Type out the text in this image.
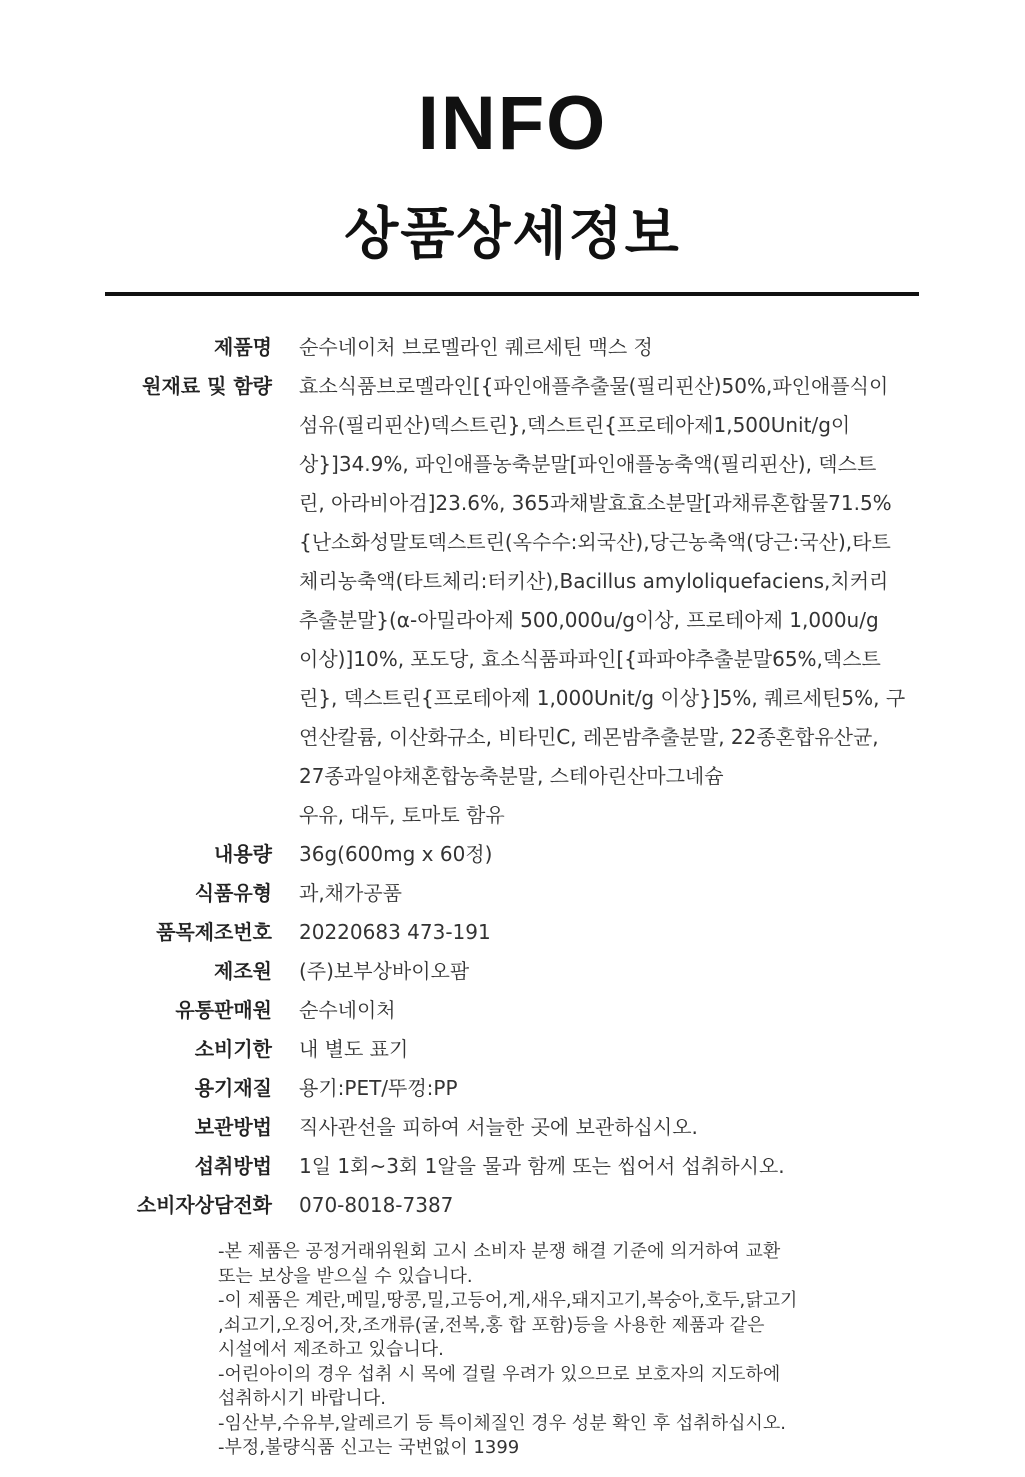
INFO
상품상세정보
제품명 순수네이처 브로멜라인 퀘르세틴 맥스 정
원재료 및 함량 효소식품브로멜라인[{파인애플추출물(필리핀산)50%,파인애플식이
섬유(필리핀산)덱스트린},덱스트린{프로테아제1,500Unit/g이
상}]34.9%, 파인애플농축분말[파인애플농축액(필리핀산), 덱스트
린, 아라비아검]23.6%, 365과채발효효소분말[과채류혼합물71.5%
{난소화성말토덱스트린(옥수수:외국산),당근농축액(당근:국산),타트
체리농축액(타트체리:터키산),Bacillus amyloliquefaciens,치커리
추출분말}(α-아밀라아제 500,000u/g이상, 프로테아제 1,000u/g
이상)]10%, 포도당, 효소식품파파인[{파파야추출분말65%,덱스트
린}, 덱스트린{프로테아제 1,000Unit/g 이상}]5%, 퀘르세틴5%, 구
연산칼륨, 이산화규소, 비타민C, 레몬밤추출분말, 22종혼합유산균,
27종과일야채혼합농축분말, 스테아린산마그네슘
우유, 대두, 토마토 함유
내용량 36g(600mg x 60정)
식품유형 과,채가공품
품목제조번호 20220683 473-191
제조원 (주)보부상바이오팜
유통판매원 순수네이처
소비기한 내 별도 표기
용기재질 용기:PET/뚜껑:PP
보관방법 직사관선을 피하여 서늘한 곳에 보관하십시오.
섭취방법 1일 1회~3회 1알을 물과 함께 또는 씹어서 섭취하시오.
소비자상담전화 070-8018-7387
-본 제품은 공정거래위원회 고시 소비자 분쟁 해결 기준에 의거하여 교환
또는 보상을 받으실 수 있습니다.
-이 제품은 계란,메밀,땅콩,밀,고등어,게,새우,돼지고기,복숭아,호두,닭고기
,쇠고기,오징어,잣,조개류(굴,전복,홍 합 포함)등을 사용한 제품과 같은
시설에서 제조하고 있습니다.
-어린아이의 경우 섭취 시 목에 걸릴 우려가 있으므로 보호자의 지도하에
섭취하시기 바랍니다.
-임산부,수유부,알레르기 등 특이체질인 경우 성분 확인 후 섭취하십시오.
-부정,불량식품 신고는 국번없이 1399
